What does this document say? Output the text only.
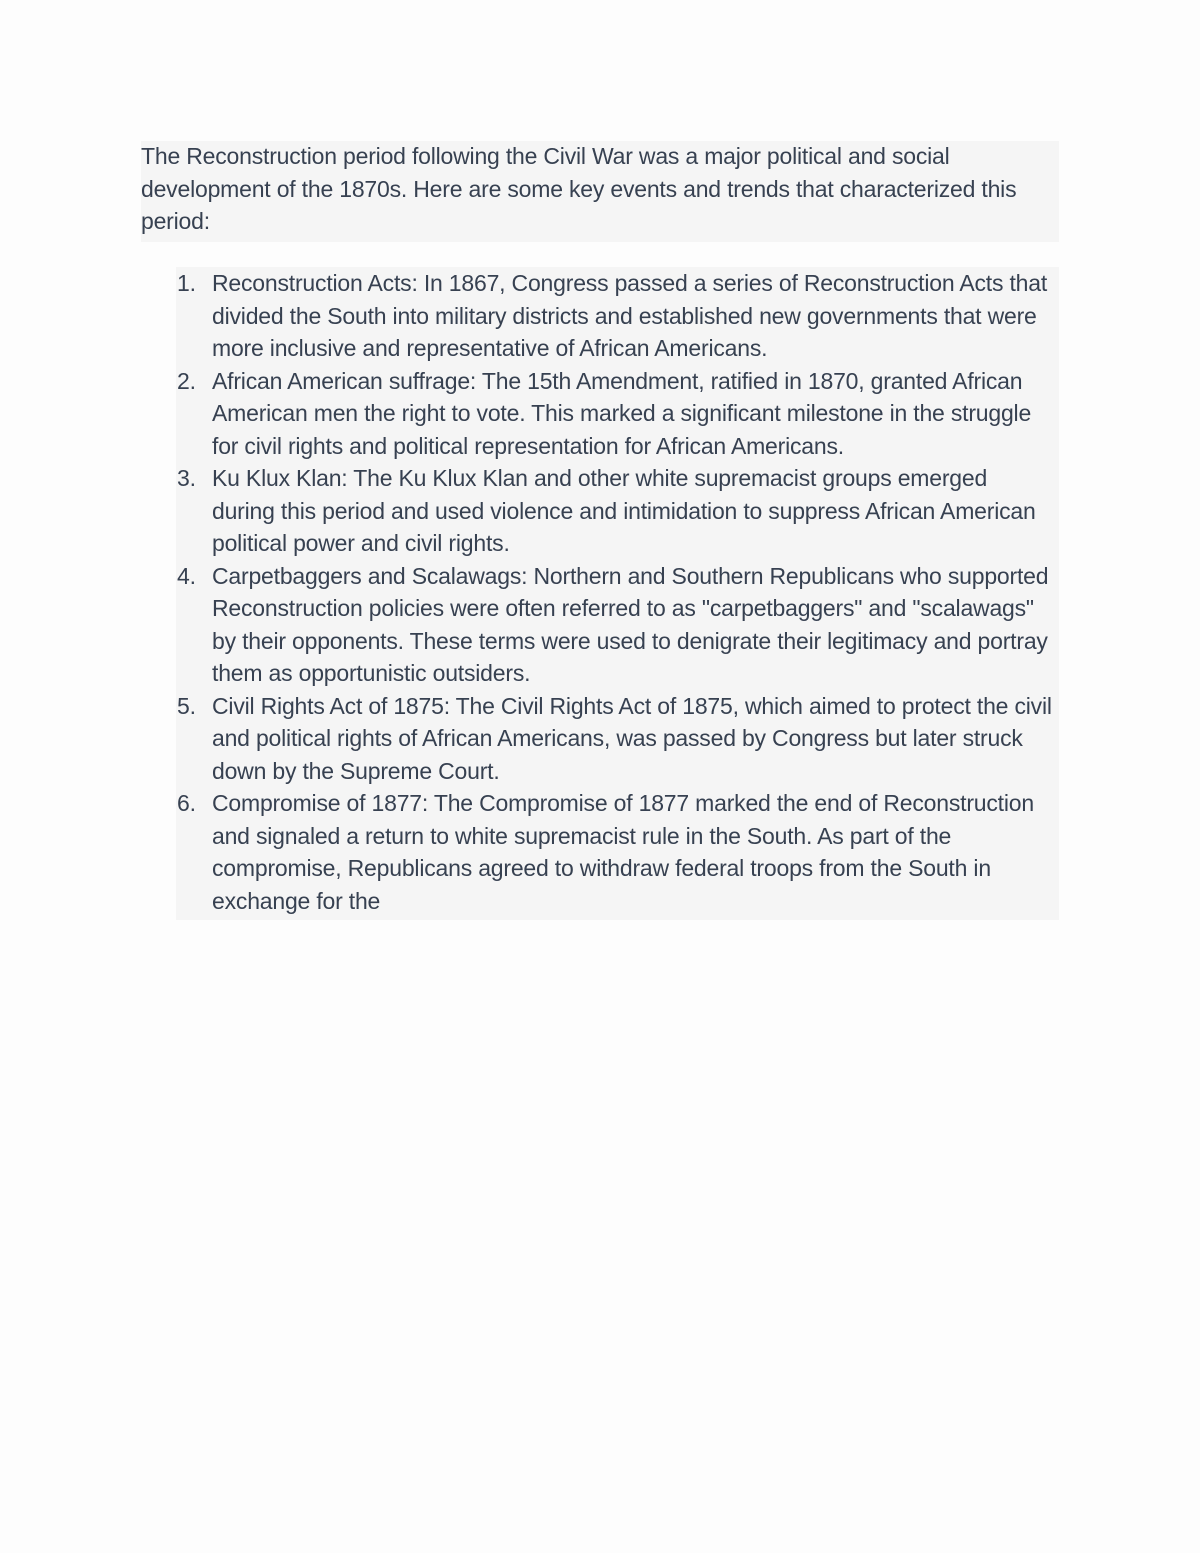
The Reconstruction period following the Civil War was a major political and social development of the 1870s. Here are some key events and trends that characterized this period:

1. Reconstruction Acts: In 1867, Congress passed a series of Reconstruction Acts that divided the South into military districts and established new governments that were more inclusive and representative of African Americans.
2. African American suffrage: The 15th Amendment, ratified in 1870, granted African American men the right to vote. This marked a significant milestone in the struggle for civil rights and political representation for African Americans.
3. Ku Klux Klan: The Ku Klux Klan and other white supremacist groups emerged during this period and used violence and intimidation to suppress African American political power and civil rights.
4. Carpetbaggers and Scalawags: Northern and Southern Republicans who supported Reconstruction policies were often referred to as "carpetbaggers" and "scalawags" by their opponents. These terms were used to denigrate their legitimacy and portray them as opportunistic outsiders.
5. Civil Rights Act of 1875: The Civil Rights Act of 1875, which aimed to protect the civil and political rights of African Americans, was passed by Congress but later struck down by the Supreme Court.
6. Compromise of 1877: The Compromise of 1877 marked the end of Reconstruction and signaled a return to white supremacist rule in the South. As part of the compromise, Republicans agreed to withdraw federal troops from the South in exchange for the
